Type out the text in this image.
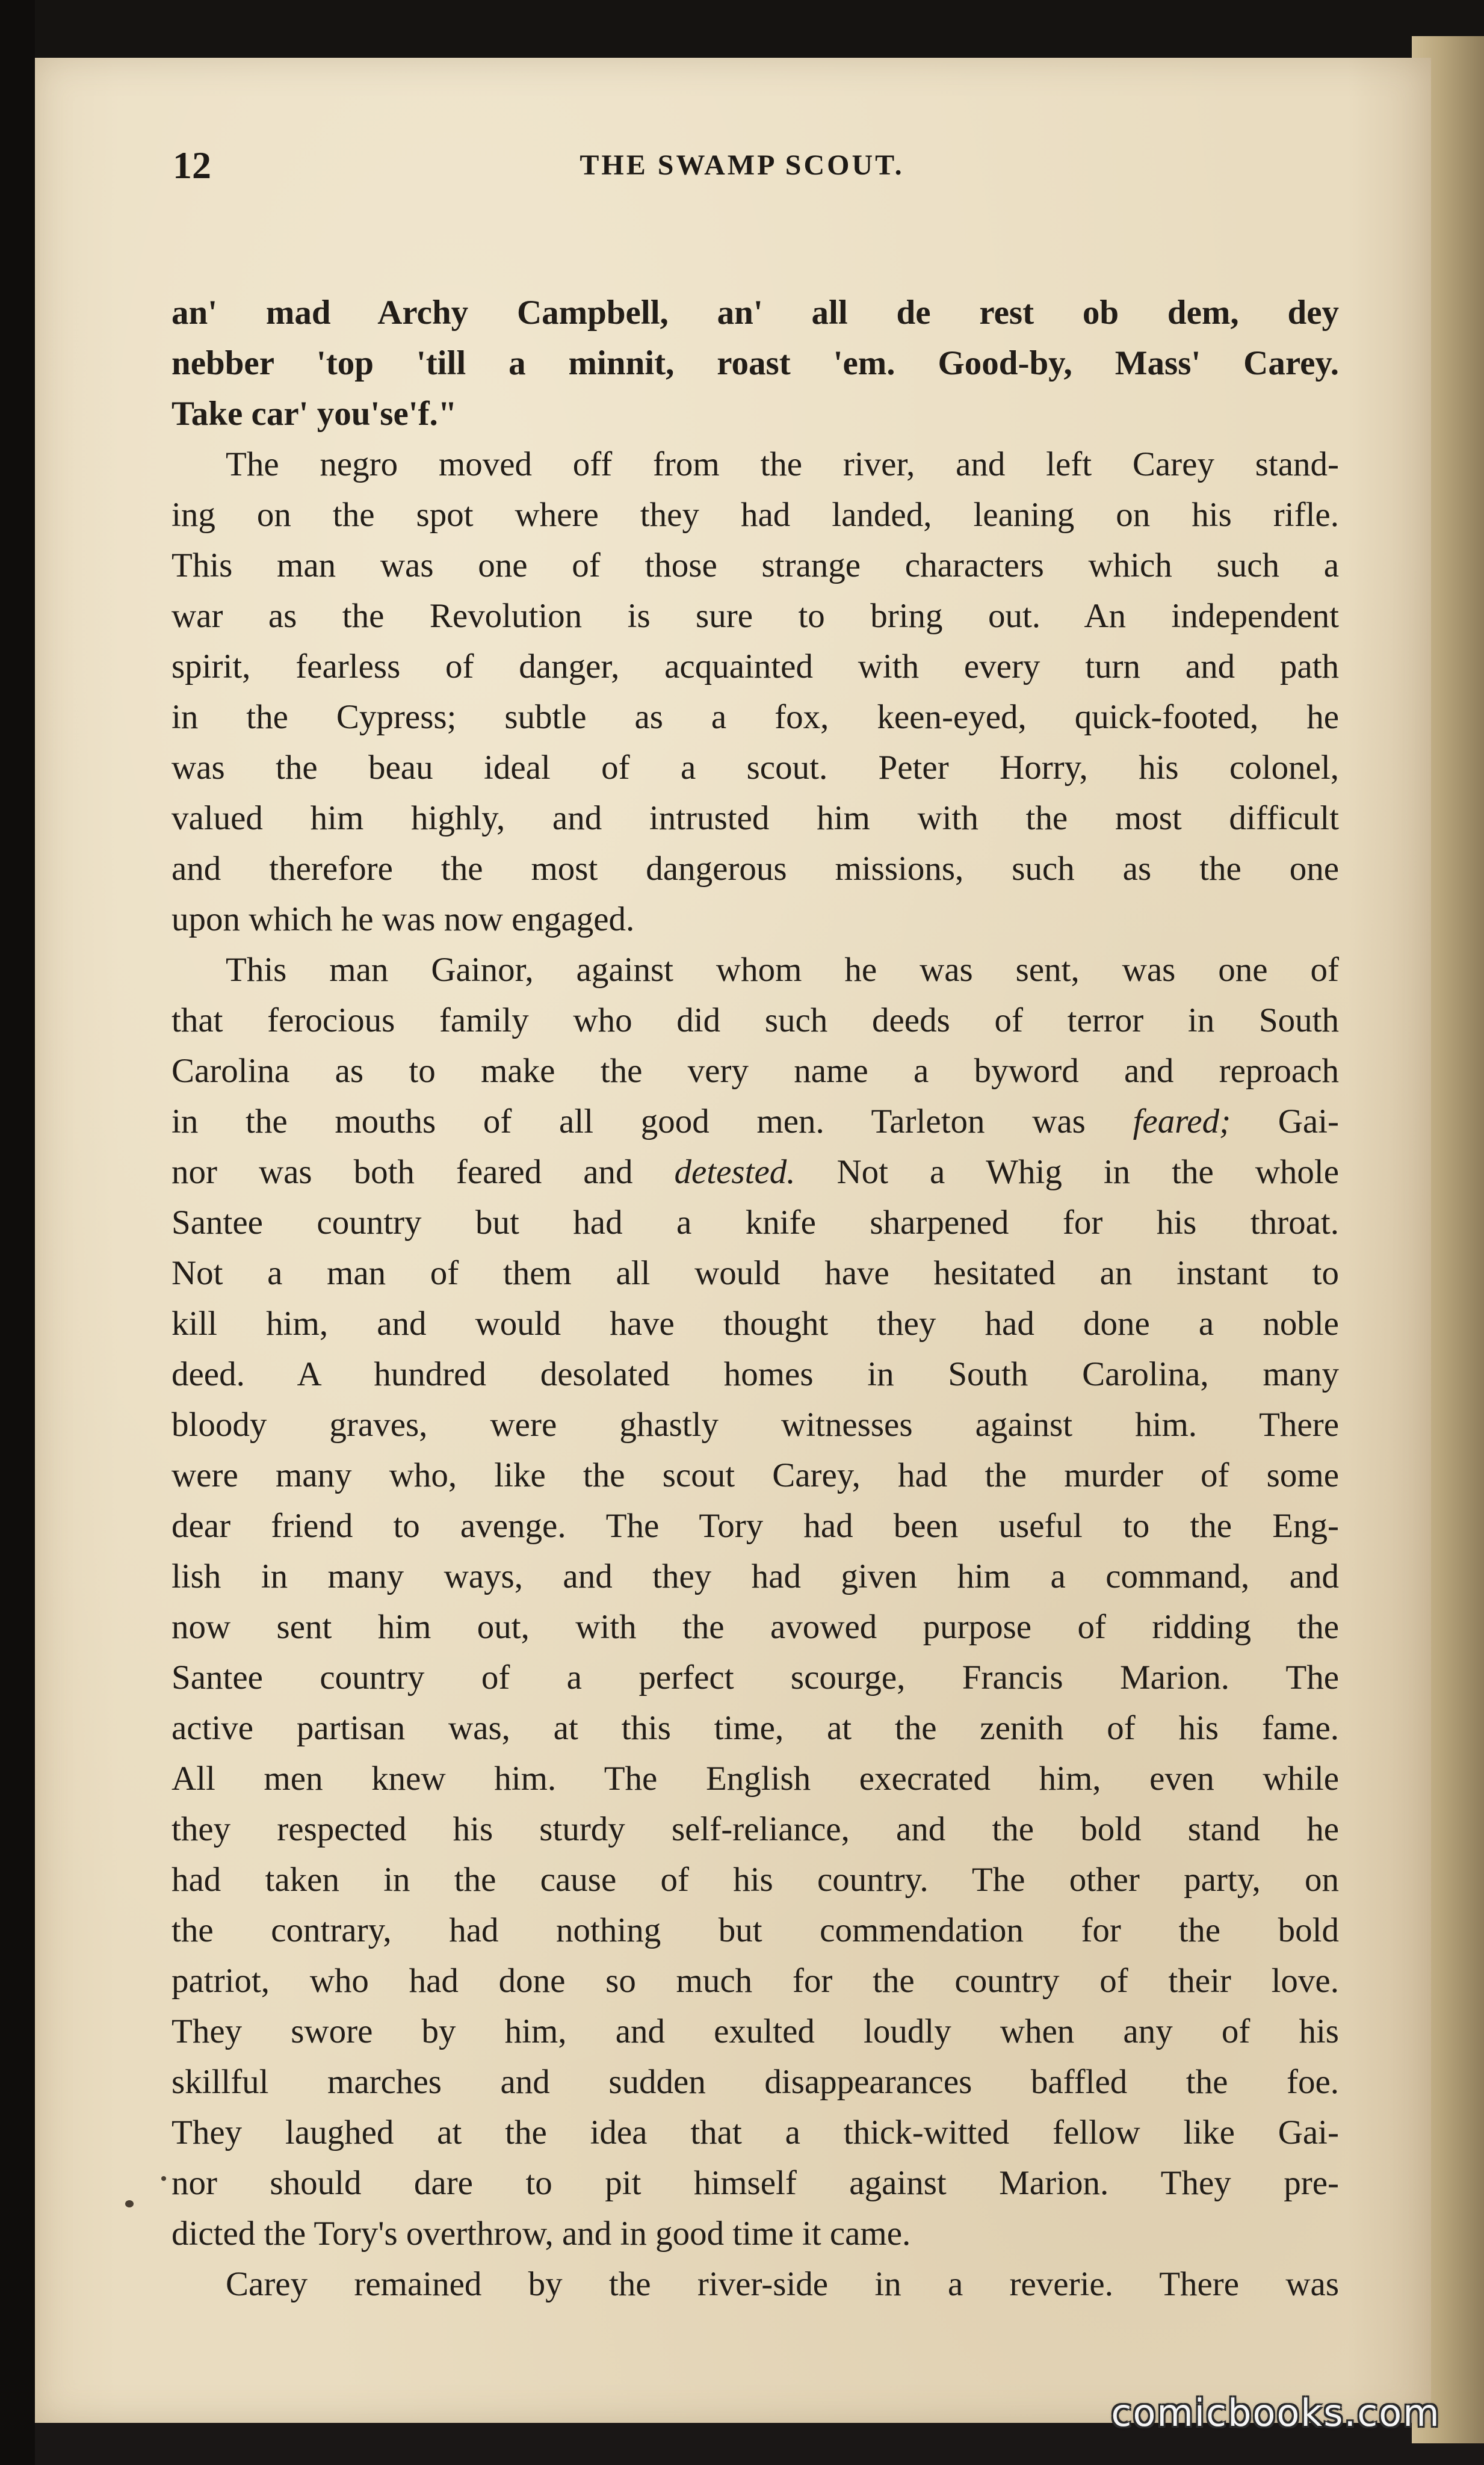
12	THE SWAMP SCOUT.
an' mad Archy Campbell, an' all de rest ob dem, dey
nebber 'top 'till a minnit, roast 'em. Good-by, Mass' Carey.
Take car' you'se'f."
The negro moved off from the river, and left Carey stand-
ing on the spot where they had landed, leaning on his rifle.
This man was one of those strange characters which such a
war as the Revolution is sure to bring out. An independent
spirit, fearless of danger, acquainted with every turn and path
in the Cypress; subtle as a fox, keen-eyed, quick-footed, he
was the beau ideal of a scout. Peter Horry, his colonel,
valued him highly, and intrusted him with the most difficult
and therefore the most dangerous missions, such as the one
upon which he was now engaged.
This man Gainor, against whom he was sent, was one of
that ferocious family who did such deeds of terror in South
Carolina as to make the very name a byword and reproach
in the mouths of all good men. Tarleton was feared; Gai-
nor was both feared and detested. Not a Whig in the whole
Santee country but had a knife sharpened for his throat.
Not a man of them all would have hesitated an instant to
kill him, and would have thought they had done a noble
deed. A hundred desolated homes in South Carolina, many
bloody graves, were ghastly witnesses against him. There
were many who, like the scout Carey, had the murder of some
dear friend to avenge. The Tory had been useful to the Eng-
lish in many ways, and they had given him a command, and
now sent him out, with the avowed purpose of ridding the
Santee country of a perfect scourge, Francis Marion. The
active partisan was, at this time, at the zenith of his fame.
All men knew him. The English execrated him, even while
they respected his sturdy self-reliance, and the bold stand he
had taken in the cause of his country. The other party, on
the contrary, had nothing but commendation for the bold
patriot, who had done so much for the country of their love.
They swore by him, and exulted loudly when any of his
skillful marches and sudden disappearances baffled the foe.
They laughed at the idea that a thick-witted fellow like Gai-
nor should dare to pit himself against Marion. They pre-
dicted the Tory's overthrow, and in good time it came.
Carey remained by the river-side in a reverie. There was
comicbooks.com
